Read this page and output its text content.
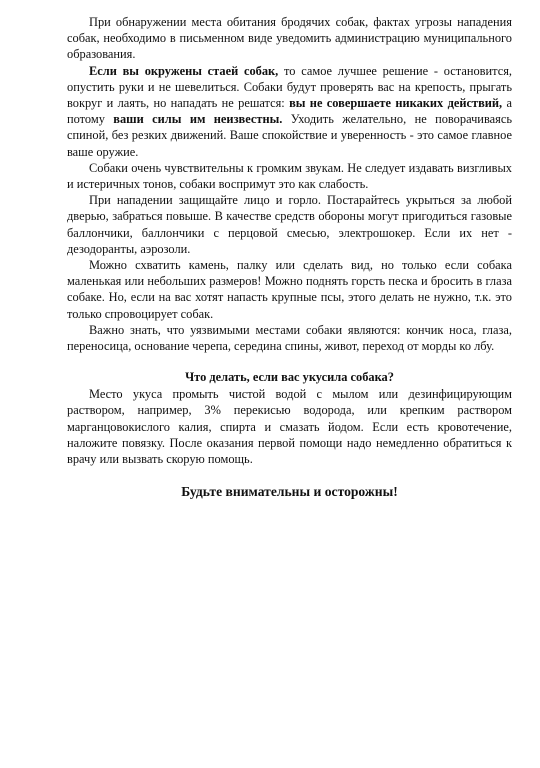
При обнаружении места обитания бродячих собак, фактах угрозы нападения собак, необходимо в письменном виде уведомить администрацию муниципального образования.

Если вы окружены стаей собак, то самое лучшее решение - остановится, опустить руки и не шевелиться. Собаки будут проверять вас на крепость, прыгать вокруг и лаять, но нападать не решатся: вы не совершаете никаких действий, а потому ваши силы им неизвестны. Уходить желательно, не поворачиваясь спиной, без резких движений. Ваше спокойствие и уверенность - это самое главное ваше оружие.

Собаки очень чувствительны к громким звукам. Не следует издавать визгливых и истеричных тонов, собаки воспримут это как слабость.

При нападении защищайте лицо и горло. Постарайтесь укрыться за любой дверью, забраться повыше. В качестве средств обороны могут пригодиться газовые баллончики, баллончики с перцовой смесью, электрошокер. Если их нет - дезодоранты, аэрозоли.

Можно схватить камень, палку или сделать вид, но только если собака маленькая или небольших размеров! Можно поднять горсть песка и бросить в глаза собаке. Но, если на вас хотят напасть крупные псы, этого делать не нужно, т.к. это только спровоцирует собак.

Важно знать, что уязвимыми местами собаки являются: кончик носа, глаза, переносица, основание черепа, середина спины, живот, переход от морды ко лбу.

Что делать, если вас укусила собака?

Место укуса промыть чистой водой с мылом или дезинфицирующим раствором, например, 3% перекисью водорода, или крепким раствором марганцовокислого калия, спирта и смазать йодом. Если есть кровотечение, наложите повязку. После оказания первой помощи надо немедленно обратиться к врачу или вызвать скорую помощь.

Будьте внимательны и осторожны!
